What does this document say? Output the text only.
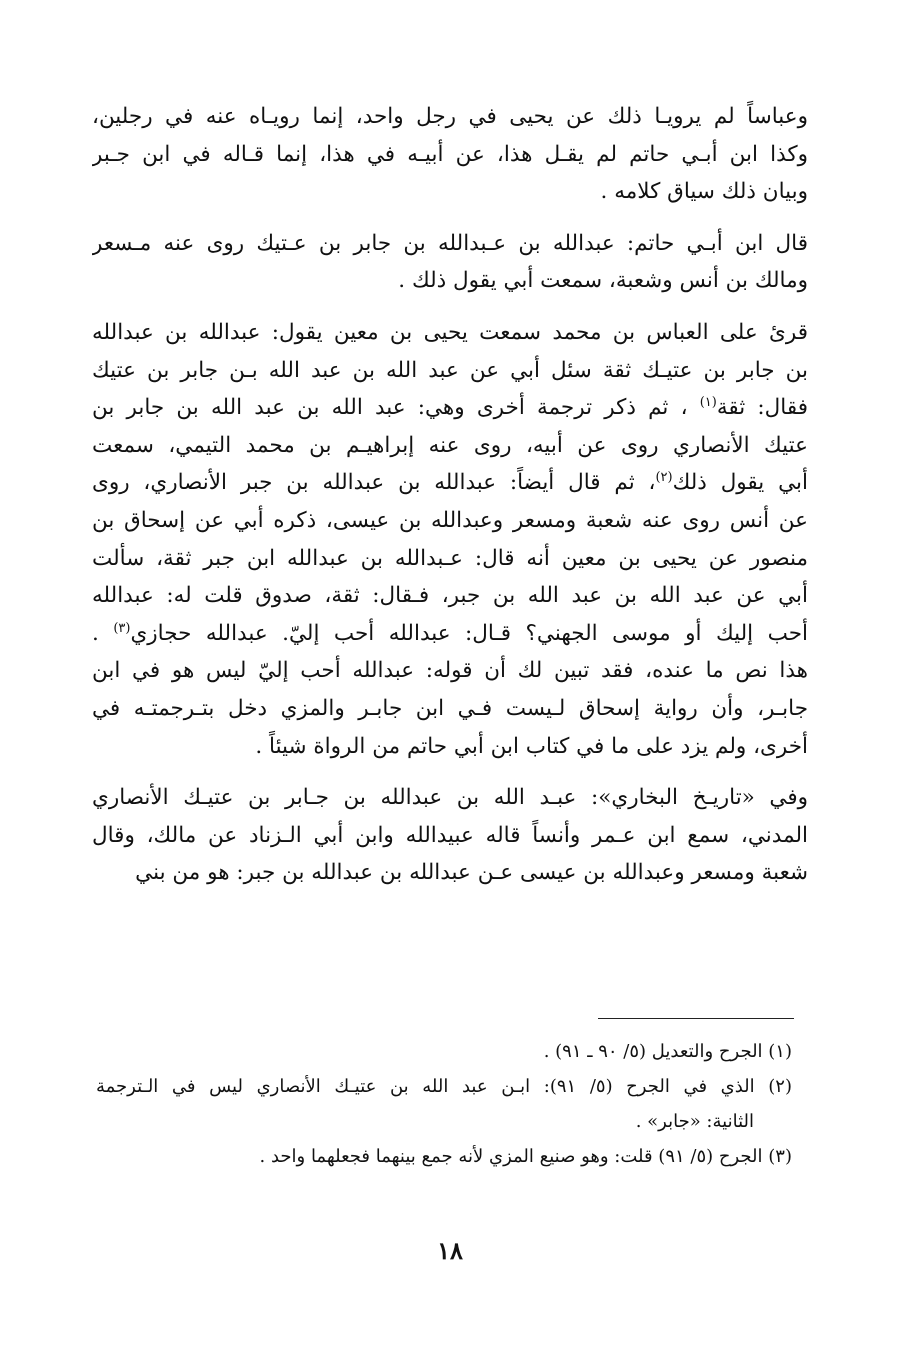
وعباساً لم يرويـا ذلك عن يحيى في رجل واحد، إنما رويـاه عنه في رجلين،
وكذا ابن أبـي حاتم لم يقـل هذا، عن أبيـه في هذا، إنما قـاله في ابن جـبر
وبيان ذلك سياق كلامه .
قال ابن أبـي حاتم: عبدالله بن عـبدالله بن جابر بن عـتيك روى عنه مـسعر
ومالك بن أنس وشعبة، سمعت أبي يقول ذلك .
قرئ على العباس بن محمد سمعت يحيى بن معين يقول: عبدالله بن عبدالله
بن جابر بن عتيـك ثقة سئل أبي عن عبد الله بن عبد الله بـن جابر بن عتيك
فقال: ثقة$^{(١)}$ ، ثم ذكر ترجمة أخرى وهي: عبد الله بن عبد الله بن جابر بن
عتيك الأنصاري روى عن أبيه، روى عنه إبراهيـم بن محمد التيمي، سمعت
أبي يقول ذلك$^{(٢)}$، ثم قال أيضاً: عبدالله بن عبدالله بن جبر الأنصاري، روى
عن أنس روى عنه شعبة ومسعر وعبدالله بن عيسى، ذكره أبي عن إسحاق بن
منصور عن يحيى بن معين أنه قال: عـبدالله بن عبدالله ابن جبر ثقة، سألت
أبي عن عبد الله بن عبد الله بن جبر، فـقال: ثقة، صدوق قلت له: عبدالله
أحب إليك أو موسى الجهني؟ قـال: عبدالله أحب إليّ. عبدالله حجازي$^{(٣)}$ .
هذا نص ما عنده، فقد تبين لك أن قوله: عبدالله أحب إليّ ليس هو في ابن
جابـر، وأن رواية إسحاق لـيست فـي ابن جابـر والمزي دخل بتـرجمتـه في
أخرى، ولم يزد على ما في كتاب ابن أبي حاتم من الرواة شيئاً .
وفي «تاريـخ البخاري»: عبـد الله بن عبدالله بن جـابر بن عتيـك الأنصاري
المدني، سمع ابن عـمر وأنساً قاله عبيدالله وابن أبي الـزناد عن مالك، وقال
شعبة ومسعر وعبدالله بن عيسى عـن عبدالله بن عبدالله بن جبر: هو من بني
(١) الجرح والتعديل (٥/ ٩٠ ـ ٩١) .
(٢) الذي في الجرح (٥/ ٩١): ابـن عبد الله بن عتيـك الأنصاري ليس في الـترجمة
الثانية: «جابر» .
(٣) الجرح (٥/ ٩١) قلت: وهو صنيع المزي لأنه جمع بينهما فجعلهما واحد .
١٨
